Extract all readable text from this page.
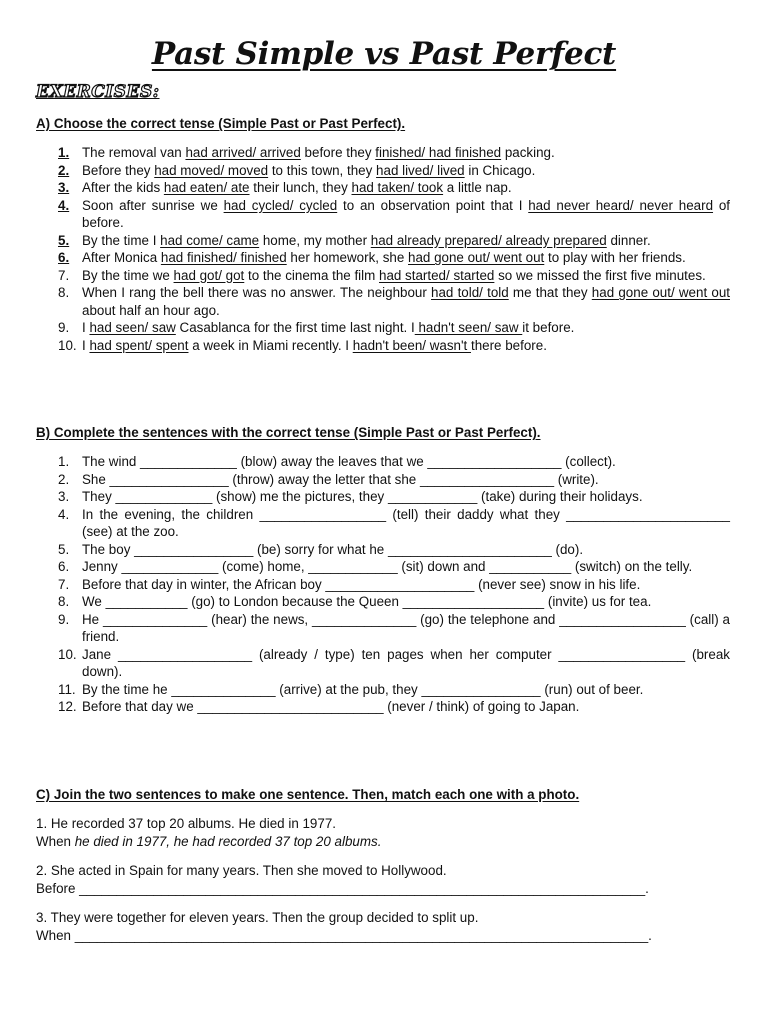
Past Simple vs Past Perfect
EXERCISES:
A) Choose the correct tense (Simple Past or Past Perfect).
1. The removal van had arrived/ arrived before they finished/ had finished packing.
2. Before they had moved/ moved to this town, they had lived/ lived in Chicago.
3. After the kids had eaten/ ate their lunch, they had taken/ took a little nap.
4. Soon after sunrise we had cycled/ cycled to an observation point that I had never heard/ never heard of before.
5. By the time I had come/ came home, my mother had already prepared/ already prepared dinner.
6. After Monica had finished/ finished her homework, she had gone out/ went out to play with her friends.
7. By the time we had got/ got to the cinema the film had started/ started so we missed the first five minutes.
8. When I rang the bell there was no answer. The neighbour had told/ told me that they had gone out/ went out about half an hour ago.
9. I had seen/ saw Casablanca for the first time last night. I hadn't seen/ saw it before.
10. I had spent/ spent a week in Miami recently. I hadn't been/ wasn't there before.
B) Complete the sentences with the correct tense (Simple Past or Past Perfect).
1. The wind _____________ (blow) away the leaves that we __________________ (collect).
2. She ________________ (throw) away the letter that she __________________ (write).
3. They _____________ (show) me the pictures, they ____________ (take) during their holidays.
4. In the evening, the children _________________ (tell) their daddy what they ______________________ (see) at the zoo.
5. The boy ________________ (be) sorry for what he ______________________ (do).
6. Jenny _____________ (come) home, ____________ (sit) down and ___________ (switch) on the telly.
7. Before that day in winter, the African boy ____________________ (never see) snow in his life.
8. We ___________ (go) to London because the Queen ___________________ (invite) us for tea.
9. He ______________ (hear) the news, ______________ (go) the telephone and _________________ (call) a friend.
10. Jane __________________ (already / type) ten pages when her computer _________________ (break down).
11. By the time he ______________ (arrive) at the pub, they ________________ (run) out of beer.
12. Before that day we _________________________ (never / think) of going to Japan.
C) Join the two sentences to make one sentence. Then, match each one with a photo.
1. He recorded 37 top 20 albums. He died in 1977.
When he died in 1977, he had recorded 37 top 20 albums.
2. She acted in Spain for many years. Then she moved to Hollywood.
Before ____________________________________________________________________________.
3. They were together for eleven years. Then the group decided to split up.
When _____________________________________________________________________________.
